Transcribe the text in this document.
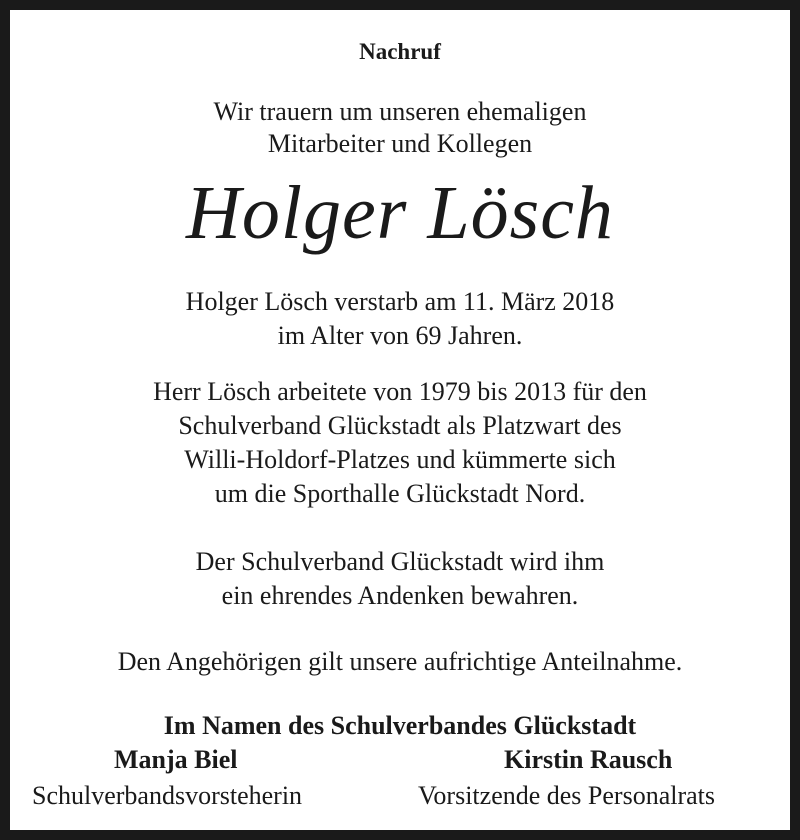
Nachruf
Wir trauern um unseren ehemaligen
Mitarbeiter und Kollegen
Holger Lösch
Holger Lösch verstarb am 11. März 2018
im Alter von 69 Jahren.
Herr Lösch arbeitete von 1979 bis 2013 für den
Schulverband Glückstadt als Platzwart des
Willi-Holdorf-Platzes und kümmerte sich
um die Sporthalle Glückstadt Nord.
Der Schulverband Glückstadt wird ihm
ein ehrendes Andenken bewahren.
Den Angehörigen gilt unsere aufrichtige Anteilnahme.
Im Namen des Schulverbandes Glückstadt
Manja Biel
Schulverbandsvorsteherin
Kirstin Rausch
Vorsitzende des Personalrats
